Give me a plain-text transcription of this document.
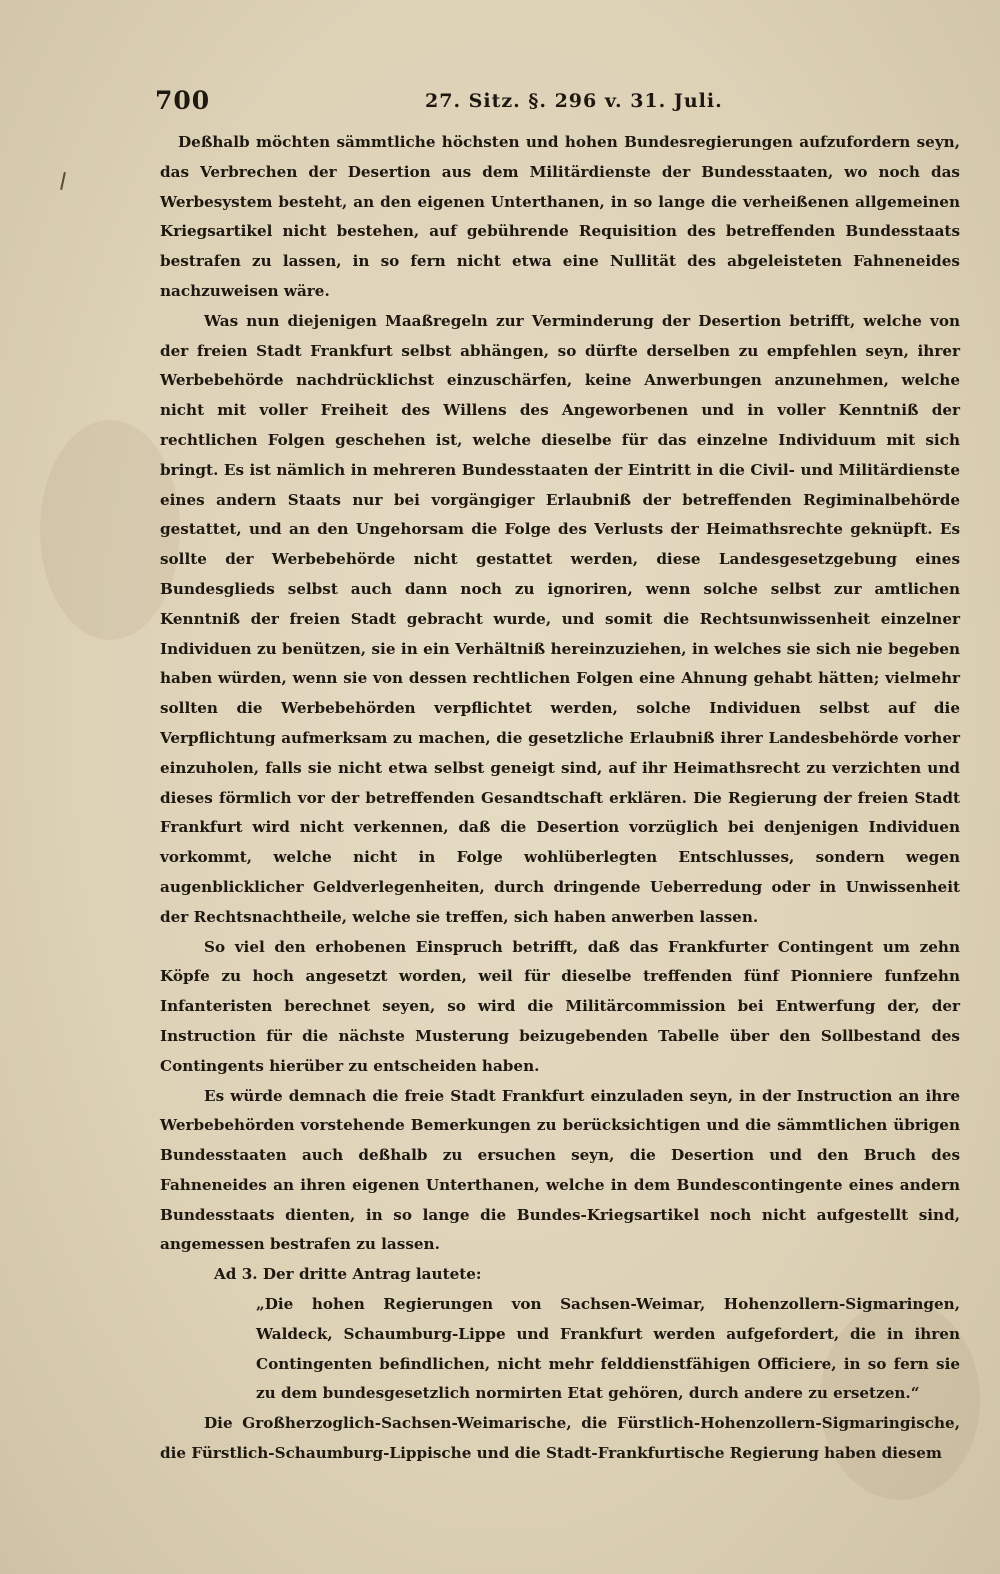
700	27. Sitz. §. 296 v. 31. Juli.

Deßhalb möchten sämmtliche höchsten und hohen Bundesregierungen aufzufordern seyn, das Verbrechen der Desertion aus dem Militärdienste der Bundesstaaten, wo noch das Werbesystem besteht, an den eigenen Unterthanen, in so lange die verheißenen allgemeinen Kriegsartikel nicht bestehen, auf gebührende Requisition des betreffenden Bundesstaats bestrafen zu lassen, in so fern nicht etwa eine Nullität des abgeleisteten Fahneneides nachzuweisen wäre.

Was nun diejenigen Maaßregeln zur Verminderung der Desertion betrifft, welche von der freien Stadt Frankfurt selbst abhängen, so dürfte derselben zu empfehlen seyn, ihrer Werbebehörde nachdrücklichst einzuschärfen, keine Anwerbungen anzunehmen, welche nicht mit voller Freiheit des Willens des Angeworbenen und in voller Kenntniß der rechtlichen Folgen geschehen ist, welche dieselbe für das einzelne Individuum mit sich bringt. Es ist nämlich in mehreren Bundesstaaten der Eintritt in die Civil- und Militärdienste eines andern Staats nur bei vorgängiger Erlaubniß der betreffenden Regiminalbehörde gestattet, und an den Ungehorsam die Folge des Verlusts der Heimathsrechte geknüpft. Es sollte der Werbebehörde nicht gestattet werden, diese Landesgesetzgebung eines Bundesglieds selbst auch dann noch zu ignoriren, wenn solche selbst zur amtlichen Kenntniß der freien Stadt gebracht wurde, und somit die Rechtsunwissenheit einzelner Individuen zu benützen, sie in ein Verhältniß hereinzuziehen, in welches sie sich nie begeben haben würden, wenn sie von dessen rechtlichen Folgen eine Ahnung gehabt hätten; vielmehr sollten die Werbebehörden verpflichtet werden, solche Individuen selbst auf die Verpflichtung aufmerksam zu machen, die gesetzliche Erlaubniß ihrer Landesbehörde vorher einzuholen, falls sie nicht etwa selbst geneigt sind, auf ihr Heimathsrecht zu verzichten und dieses förmlich vor der betreffenden Gesandtschaft erklären. Die Regierung der freien Stadt Frankfurt wird nicht verkennen, daß die Desertion vorzüglich bei denjenigen Individuen vorkommt, welche nicht in Folge wohlüberlegten Entschlusses, sondern wegen augenblicklicher Geldverlegenheiten, durch dringende Ueberredung oder in Unwissenheit der Rechtsnachtheile, welche sie treffen, sich haben anwerben lassen.

So viel den erhobenen Einspruch betrifft, daß das Frankfurter Contingent um zehn Köpfe zu hoch angesetzt worden, weil für dieselbe treffenden fünf Pionniere funfzehn Infanteristen berechnet seyen, so wird die Militärcommission bei Entwerfung der, der Instruction für die nächste Musterung beizugebenden Tabelle über den Sollbestand des Contingents hierüber zu entscheiden haben.

Es würde demnach die freie Stadt Frankfurt einzuladen seyn, in der Instruction an ihre Werbebehörden vorstehende Bemerkungen zu berücksichtigen und die sämmtlichen übrigen Bundesstaaten auch deßhalb zu ersuchen seyn, die Desertion und den Bruch des Fahneneides an ihren eigenen Unterthanen, welche in dem Bundescontingente eines andern Bundesstaats dienten, in so lange die Bundes-Kriegsartikel noch nicht aufgestellt sind, angemessen bestrafen zu lassen.

Ad 3. Der dritte Antrag lautete:

„Die hohen Regierungen von Sachsen-Weimar, Hohenzollern-Sigmaringen, Waldeck, Schaumburg-Lippe und Frankfurt werden aufgefordert, die in ihren Contingenten befindlichen, nicht mehr felddienstfähigen Officiere, in so fern sie zu dem bundesgesetzlich normirten Etat gehören, durch andere zu ersetzen.“

Die Großherzoglich-Sachsen-Weimarische, die Fürstlich-Hohenzollern-Sigmaringische, die Fürstlich-Schaumburg-Lippische und die Stadt-Frankfurtische Regierung haben diesem
